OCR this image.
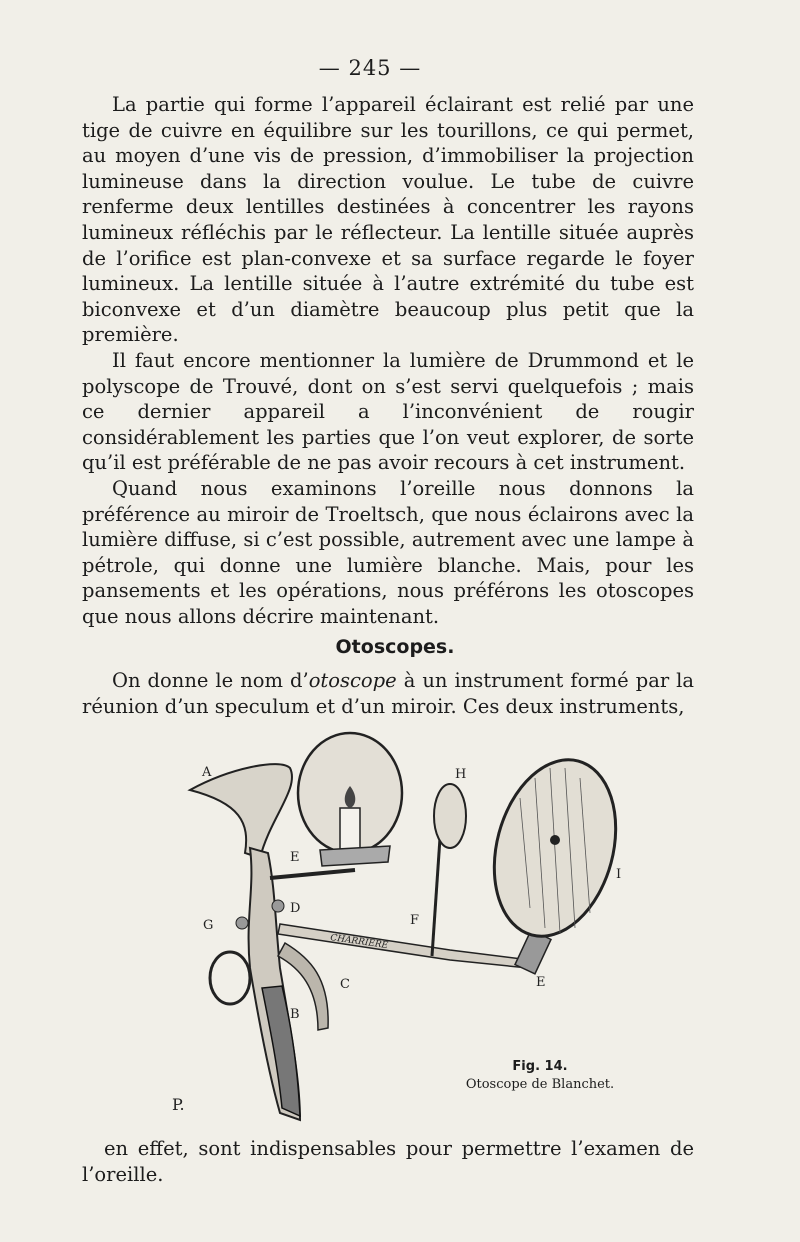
— 245 —

La partie qui forme l’appareil éclairant est relié par une tige de cuivre en équilibre sur les tourillons, ce qui permet, au moyen d’une vis de pression, d’immobiliser la projection lumineuse dans la direction voulue. Le tube de cuivre renferme deux lentilles destinées à concentrer les rayons lumineux réfléchis par le réflecteur. La lentille située auprès de l’orifice est plan-convexe et sa surface regarde le foyer lumineux. La lentille située à l’autre extrémité du tube est biconvexe et d’un diamètre beaucoup plus petit que la première.

Il faut encore mentionner la lumière de Drummond et le polyscope de Trouvé, dont on s’est servi quelquefois ; mais ce dernier appareil a l’inconvénient de rougir considérablement les parties que l’on veut explorer, de sorte qu’il est préférable de ne pas avoir recours à cet instrument.

Quand nous examinons l’oreille nous donnons la préférence au miroir de Troeltsch, que nous éclairons avec la lumière diffuse, si c’est possible, autrement avec une lampe à pétrole, qui donne une lumière blanche. Mais, pour les pansements et les opérations, nous préférons les otoscopes que nous allons décrire maintenant.

Otoscopes.

On donne le nom d’otoscope à un instrument formé par la réunion d’un speculum et d’un miroir. Ces deux instruments,

A
E
D
G	F
H
I
C
B
E
P.
CHARRIERE
Fig. 14.
Otoscope de Blanchet.

en effet, sont indispensables pour permettre l’examen de l’oreille.
